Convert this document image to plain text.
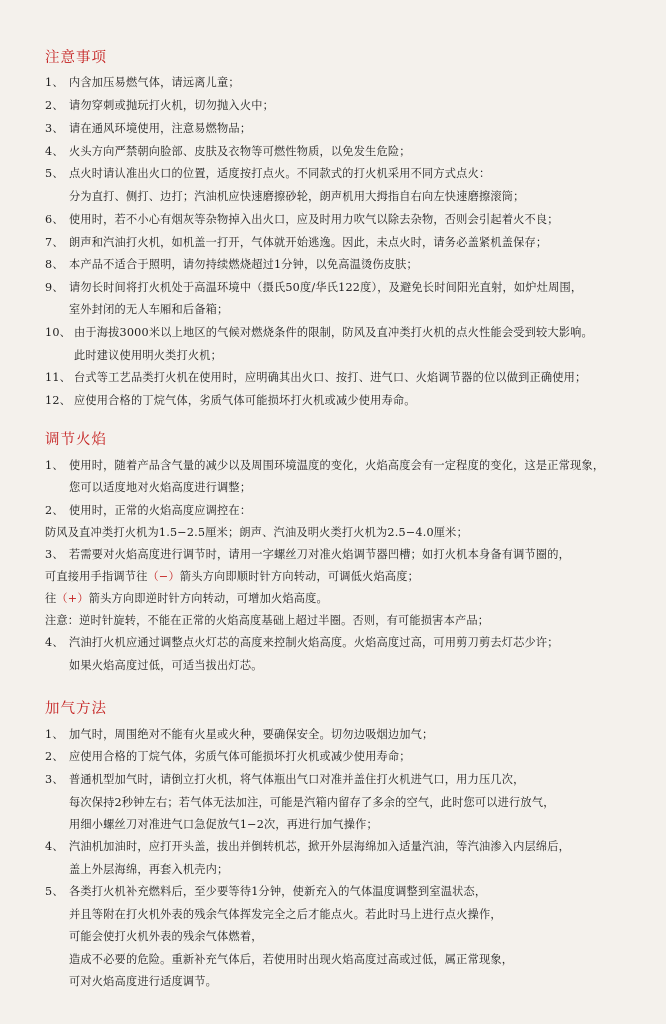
注意事项
1、 内含加压易燃气体，请远离儿童；
2、 请勿穿刺或抛玩打火机，切勿抛入火中；
3、 请在通风环境使用，注意易燃物品；
4、 火头方向严禁朝向脸部、皮肤及衣物等可燃性物质，以免发生危险；
5、 点火时请认准出火口的位置，适度按打点火。不同款式的打火机采用不同方式点火：
分为直打、侧打、边打；汽油机应快速磨擦砂轮，朗声机用大拇指自右向左快速磨擦滚筒；
6、 使用时，若不小心有烟灰等杂物掉入出火口，应及时用力吹气以除去杂物，否则会引起着火不良；
7、 朗声和汽油打火机，如机盖一打开，气体就开始逃逸。因此，未点火时，请务必盖紧机盖保存；
8、 本产品不适合于照明，请勿持续燃烧超过1分钟，以免高温烫伤皮肤；
9、 请勿长时间将打火机处于高温环境中（摄氏50度/华氏122度），及避免长时间阳光直射，如炉灶周围，
室外封闭的无人车厢和后备箱；
10、 由于海拔3000米以上地区的气候对燃烧条件的限制，防风及直冲类打火机的点火性能会受到较大影响。
此时建议使用明火类打火机；
11、 台式等工艺品类打火机在使用时，应明确其出火口、按打、进气口、火焰调节器的位以做到正确使用；
12、 应使用合格的丁烷气体，劣质气体可能损坏打火机或减少使用寿命。
调节火焰
1、 使用时，随着产品含气量的减少以及周围环境温度的变化，火焰高度会有一定程度的变化，这是正常现象，
您可以适度地对火焰高度进行调整；
2、 使用时，正常的火焰高度应调控在：
防风及直冲类打火机为1.5−2.5厘米；朗声、汽油及明火类打火机为2.5−4.0厘米；
3、 若需要对火焰高度进行调节时，请用一字螺丝刀对准火焰调节器凹槽；如打火机本身备有调节圈的，
可直接用手指调节往（−）箭头方向即顺时针方向转动，可调低火焰高度；
往（+）箭头方向即逆时针方向转动，可增加火焰高度。
注意：逆时针旋转，不能在正常的火焰高度基础上超过半圈。否则，有可能损害本产品；
4、 汽油打火机应通过调整点火灯芯的高度来控制火焰高度。火焰高度过高，可用剪刀剪去灯芯少许；
如果火焰高度过低，可适当拔出灯芯。
加气方法
1、 加气时，周围绝对不能有火星或火种，要确保安全。切勿边吸烟边加气；
2、 应使用合格的丁烷气体，劣质气体可能损坏打火机或减少使用寿命；
3、 普通机型加气时，请倒立打火机，将气体瓶出气口对准并盖住打火机进气口，用力压几次，
每次保持2秒钟左右；若气体无法加注，可能是汽箱内留存了多余的空气，此时您可以进行放气，
用细小螺丝刀对准进气口急促放气1−2次，再进行加气操作；
4、 汽油机加油时，应打开头盖，拔出并倒转机芯，掀开外层海绵加入适量汽油，等汽油渗入内层绵后，
盖上外层海绵，再套入机壳内；
5、 各类打火机补充燃料后，至少要等待1分钟，使新充入的气体温度调整到室温状态，
并且等附在打火机外表的残余气体挥发完全之后才能点火。若此时马上进行点火操作，
可能会使打火机外表的残余气体燃着，
造成不必要的危险。重新补充气体后，若使用时出现火焰高度过高或过低，属正常现象，
可对火焰高度进行适度调节。
